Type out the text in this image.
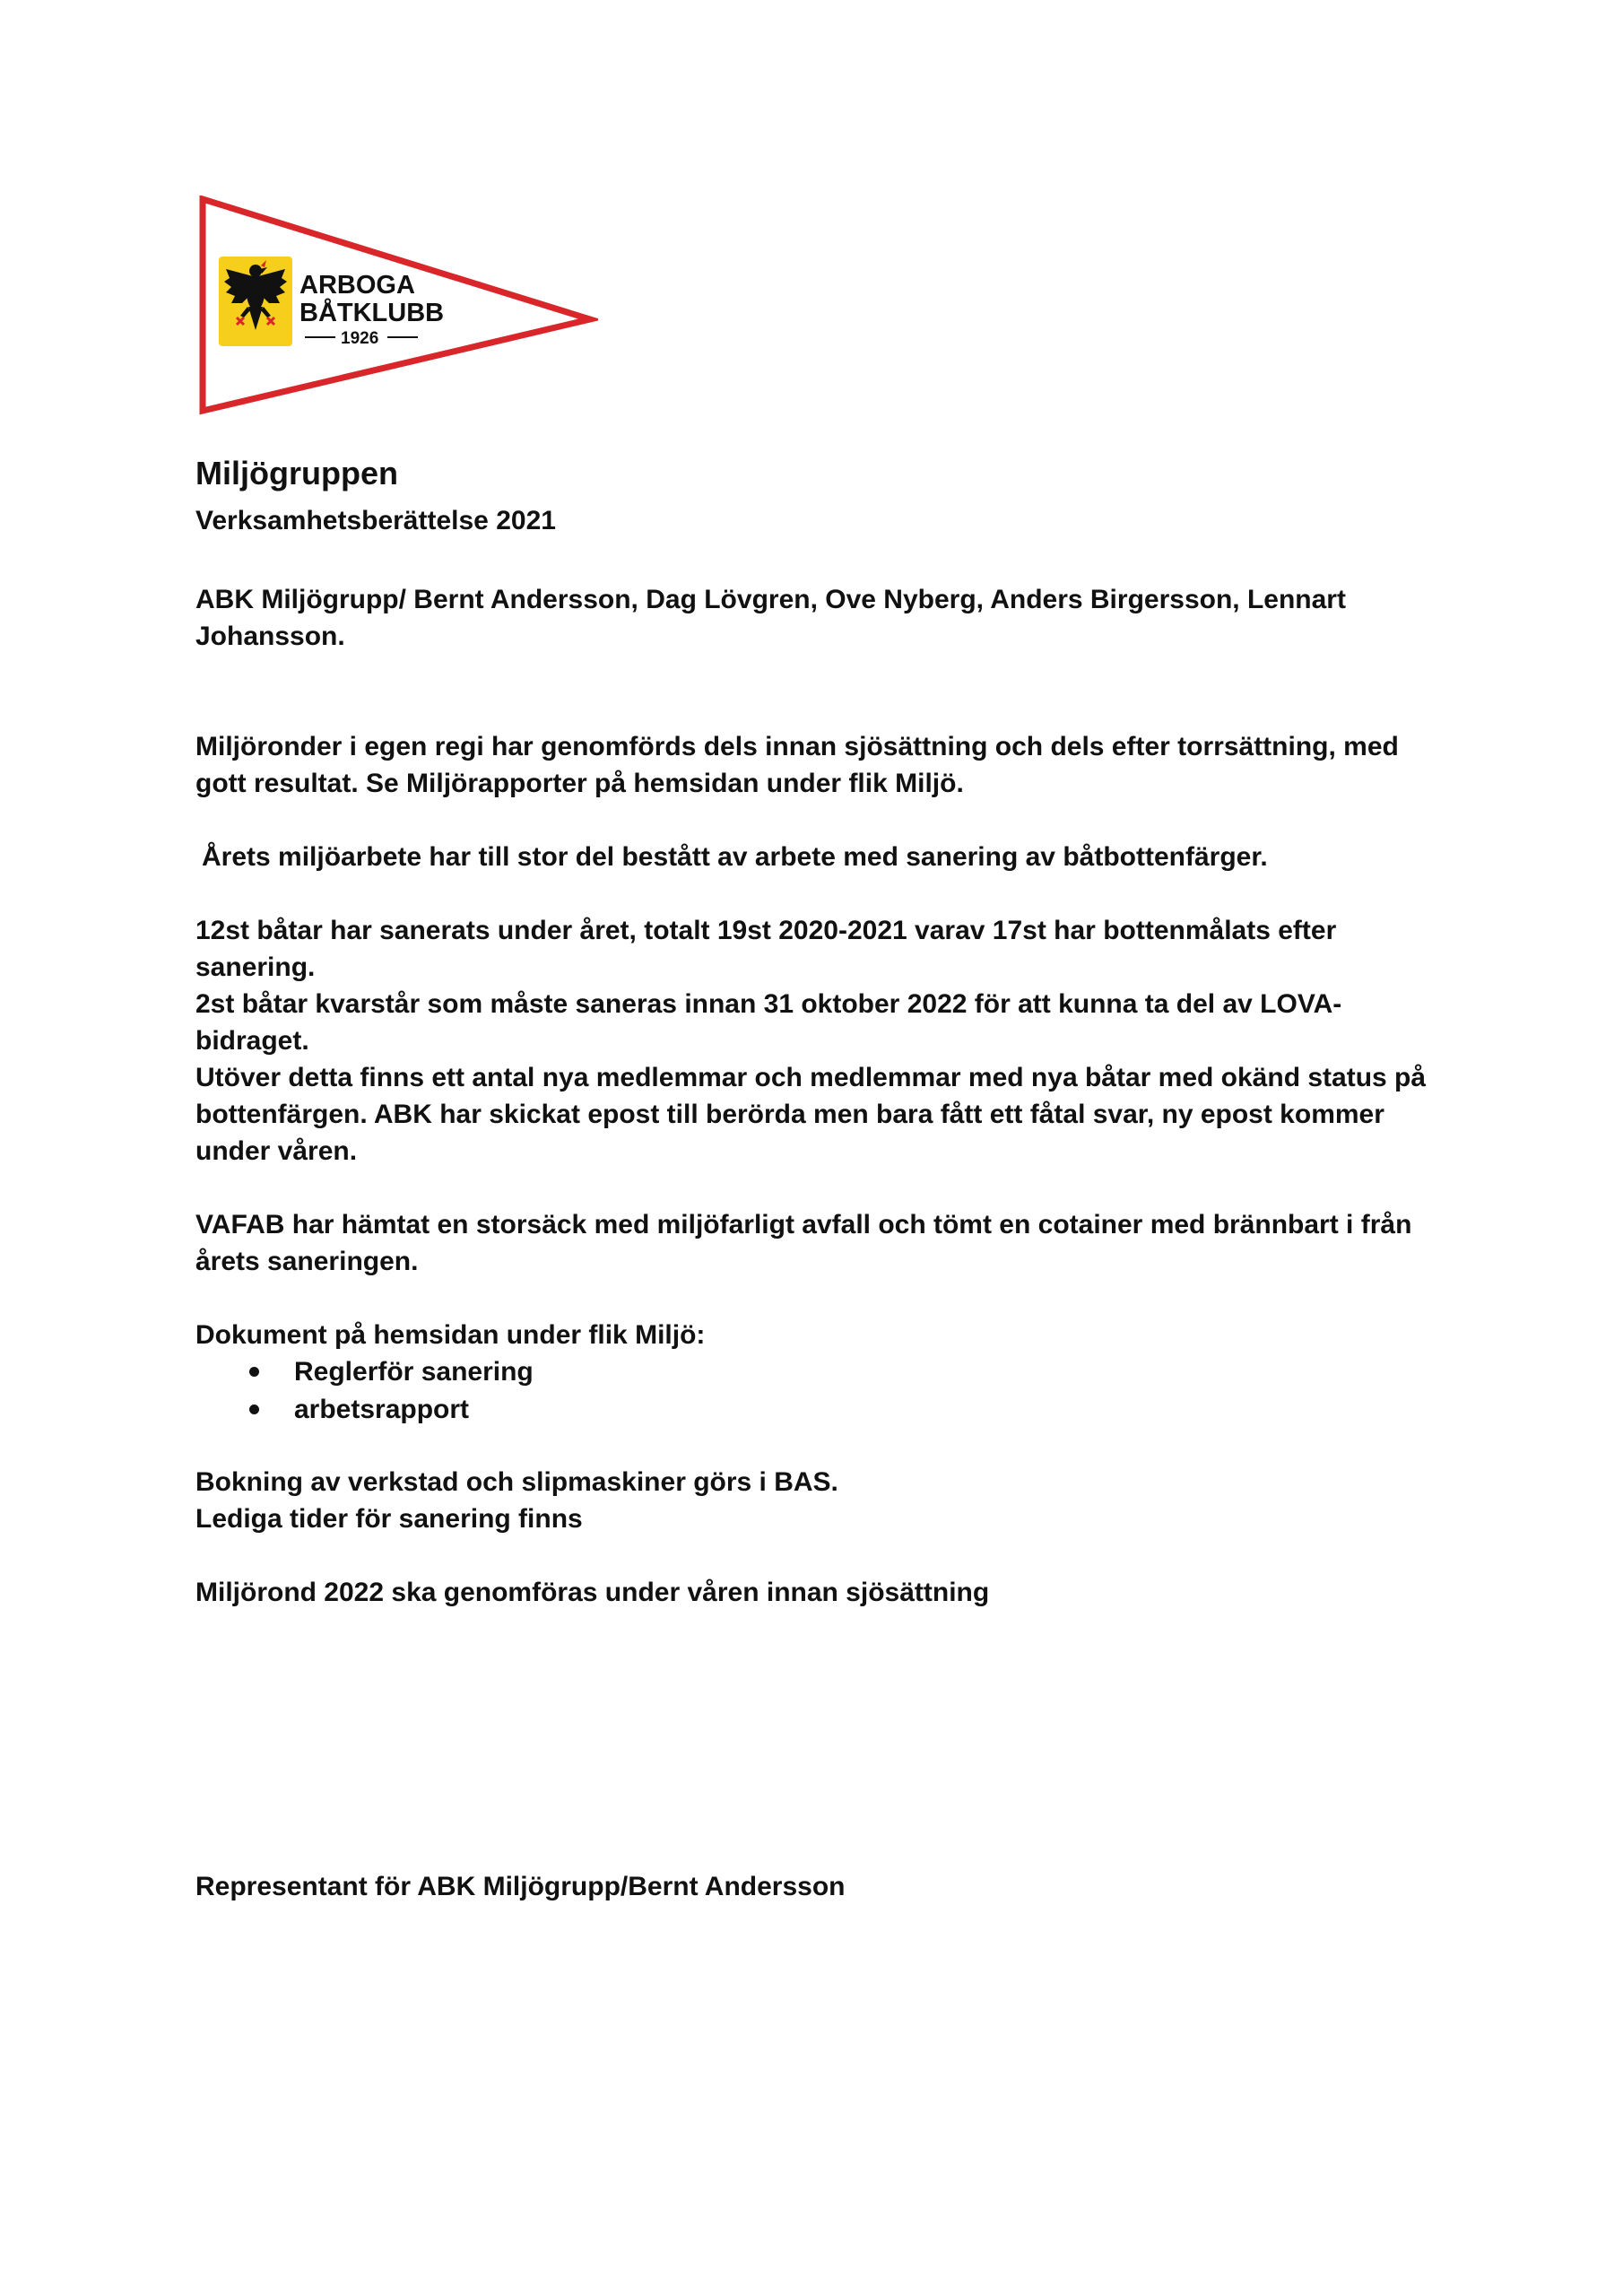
ARBOGA
BÅTKLUBB
1926
Miljögruppen

Verksamhetsberättelse 2021

ABK Miljögrupp/ Bernt Andersson, Dag Lövgren, Ove Nyberg, Anders Birgersson, Lennart Johansson.

Miljöronder i egen regi har genomförds dels innan sjösättning och dels efter torrsättning, med gott resultat. Se Miljörapporter på hemsidan under flik Miljö.

Årets miljöarbete har till stor del bestått av arbete med sanering av båtbottenfärger.

12st båtar har sanerats under året, totalt 19st 2020-2021 varav 17st har bottenmålats efter sanering.

2st båtar kvarstår som måste saneras innan 31 oktober 2022 för att kunna ta del av LOVA-bidraget.

Utöver detta finns ett antal nya medlemmar och medlemmar med nya båtar med okänd status på bottenfärgen. ABK har skickat epost till berörda men bara fått ett fåtal svar, ny epost kommer under våren.

VAFAB har hämtat en storsäck med miljöfarligt avfall och tömt en cotainer med brännbart i från årets saneringen.

Dokument på hemsidan under flik Miljö:

Reglerför sanering
arbetsrapport

Bokning av verkstad och slipmaskiner görs i BAS.

Lediga tider för sanering finns

Miljörond 2022 ska genomföras under våren innan sjösättning

Representant för ABK Miljögrupp/Bernt Andersson
